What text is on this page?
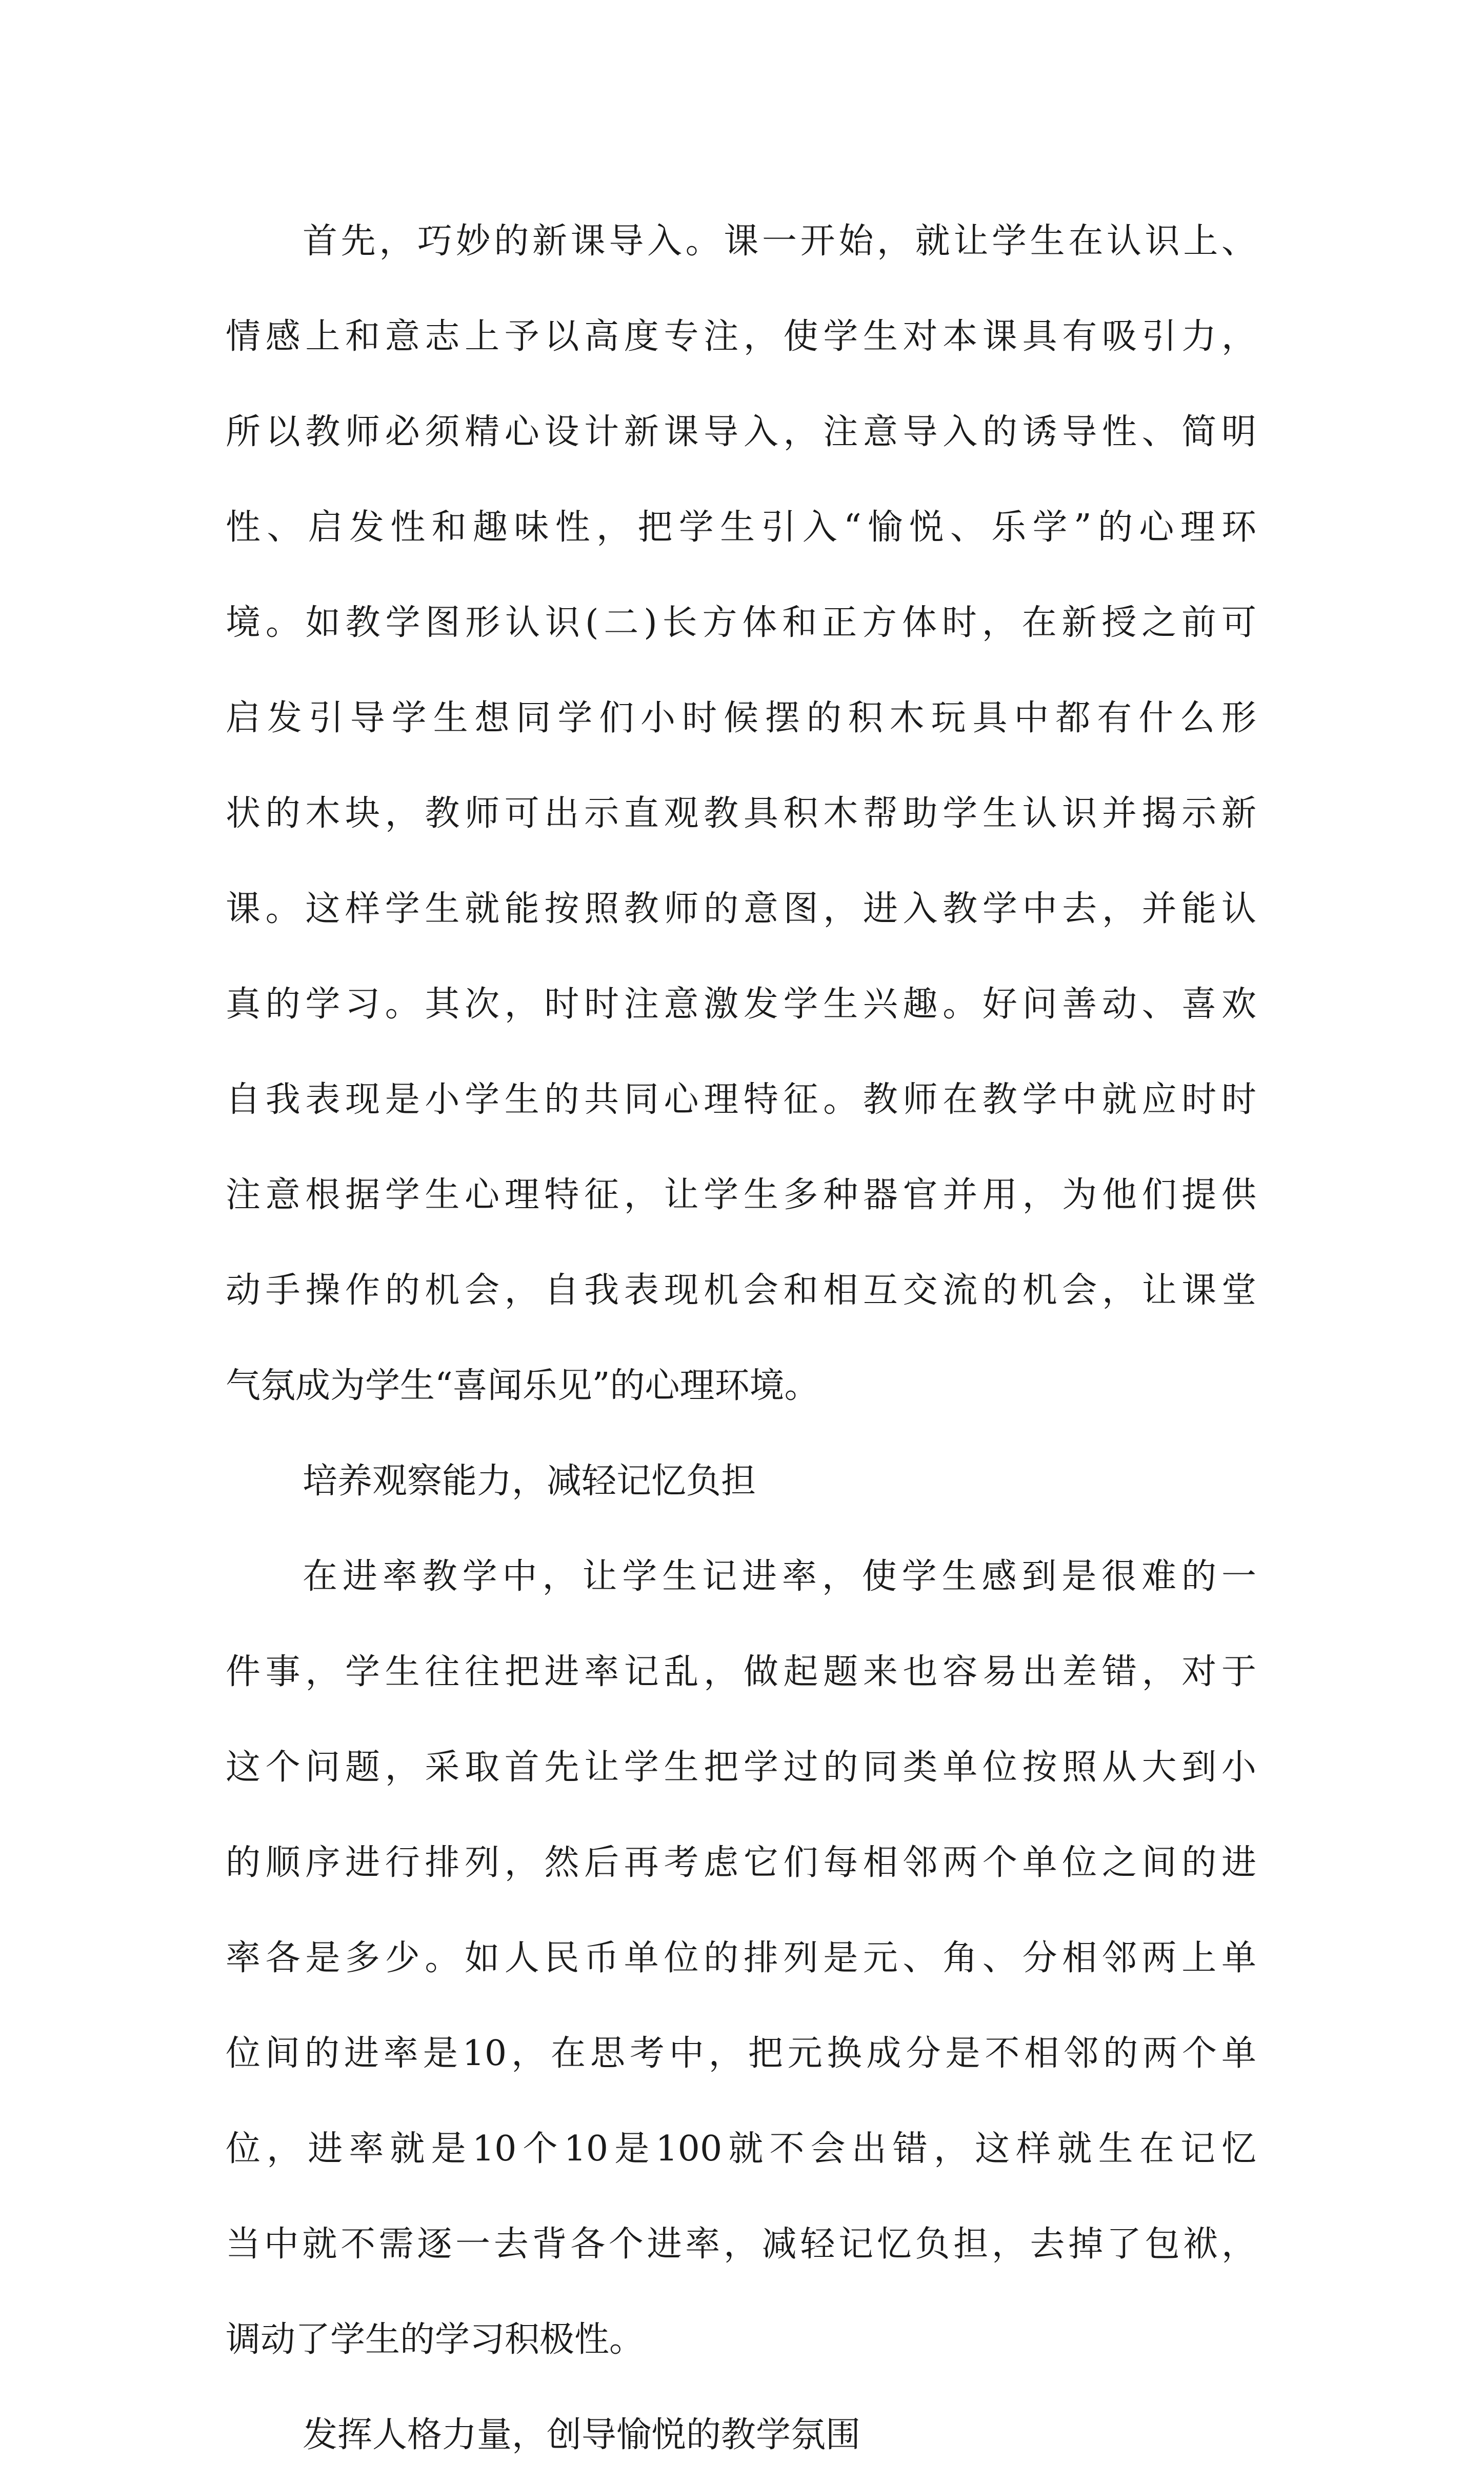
首先，巧妙的新课导入。课一开始，就让学生在认识上、
情感上和意志上予以高度专注，使学生对本课具有吸引力，
所以教师必须精心设计新课导入，注意导入的诱导性、简明
性、启发性和趣味性，把学生引入“愉悦、乐学”的心理环
境。如教学图形认识(二)长方体和正方体时，在新授之前可
启发引导学生想同学们小时候摆的积木玩具中都有什么形
状的木块，教师可出示直观教具积木帮助学生认识并揭示新
课。这样学生就能按照教师的意图，进入教学中去，并能认
真的学习。其次，时时注意激发学生兴趣。好问善动、喜欢
自我表现是小学生的共同心理特征。教师在教学中就应时时
注意根据学生心理特征，让学生多种器官并用，为他们提供
动手操作的机会，自我表现机会和相互交流的机会，让课堂
气氛成为学生“喜闻乐见”的心理环境。
培养观察能力，减轻记忆负担
在进率教学中，让学生记进率，使学生感到是很难的一
件事，学生往往把进率记乱，做起题来也容易出差错，对于
这个问题，采取首先让学生把学过的同类单位按照从大到小
的顺序进行排列，然后再考虑它们每相邻两个单位之间的进
率各是多少。如人民币单位的排列是元、角、分相邻两上单
位间的进率是10，在思考中，把元换成分是不相邻的两个单
位，进率就是10个10是100就不会出错，这样就生在记忆
当中就不需逐一去背各个进率，减轻记忆负担，去掉了包袱，
调动了学生的学习积极性。
发挥人格力量，创导愉悦的教学氛围
